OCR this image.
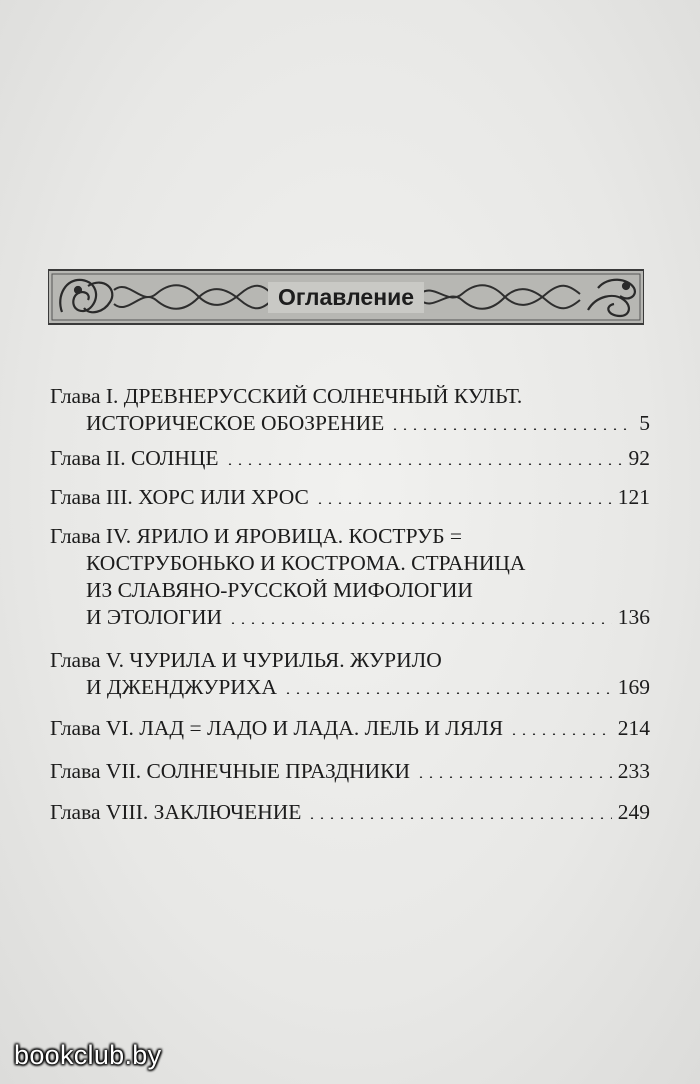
Оглавление
Глава I. ДРЕВНЕРУССКИЙ СОЛНЕЧНЫЙ КУЛЬТ.
ИСТОРИЧЕСКОЕ ОБОЗРЕНИЕ	5
Глава II. СОЛНЦЕ	92
Глава III. ХОРС ИЛИ ХРОС	121
Глава IV. ЯРИЛО И ЯРОВИЦА. КОСТРУБ =
КОСТРУБОНЬКО И КОСТРОМА. СТРАНИЦА
ИЗ СЛАВЯНО-РУССКОЙ МИФОЛОГИИ
И ЭТОЛОГИИ	136
Глава V. ЧУРИЛА И ЧУРИЛЬЯ. ЖУРИЛО
И ДЖЕНДЖУРИХА	169
Глава VI. ЛАД = ЛАДО И ЛАДА. ЛЕЛЬ И ЛЯЛЯ	214
Глава VII. СОЛНЕЧНЫЕ ПРАЗДНИКИ	233
Глава VIII. ЗАКЛЮЧЕНИЕ	249
bookclub.by
